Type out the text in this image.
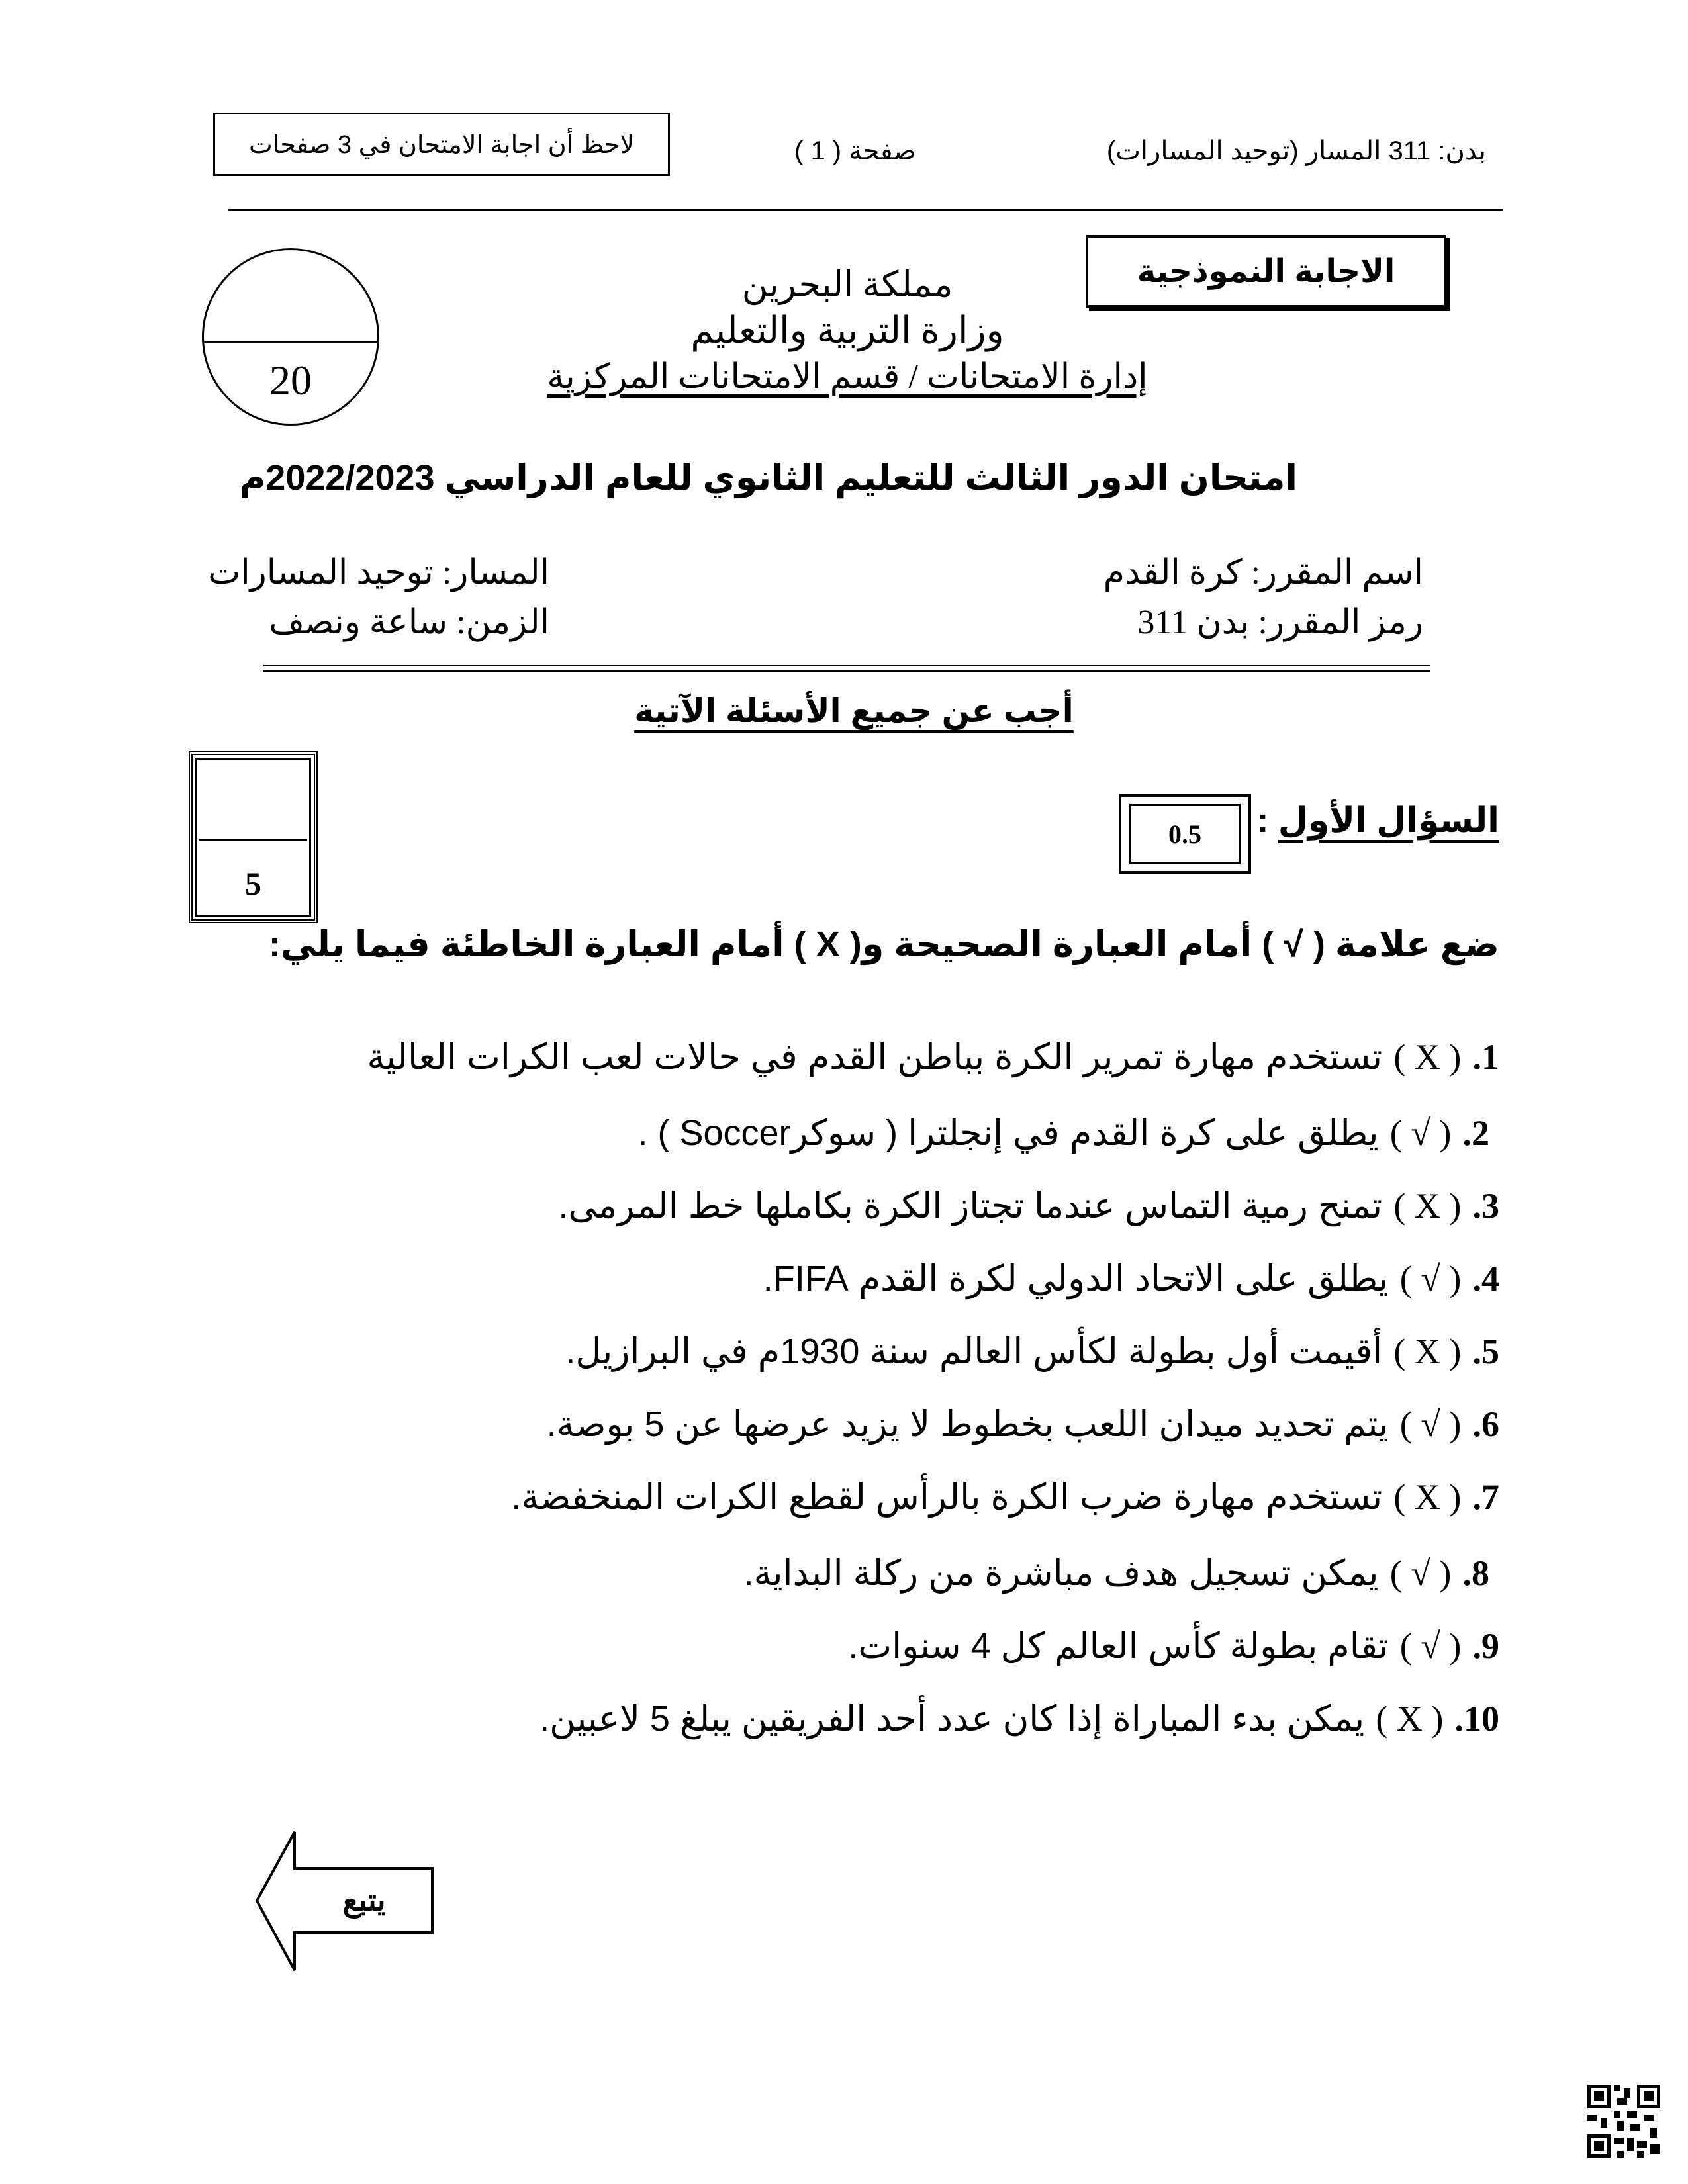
بدن: 311 المسار (توحيد المسارات)
صفحة ( 1 )
لاحظ أن اجابة الامتحان في 3 صفحات
الاجابة النموذجية
20
مملكة البحرين
وزارة التربية والتعليم
إدارة الامتحانات / قسم الامتحانات المركزية
امتحان الدور الثالث للتعليم الثانوي للعام الدراسي 2022/2023م
اسم المقرر: كرة القدم
رمز المقرر: بدن 311
المسار: توحيد المسارات
الزمن: ساعة ونصف
أجب عن جميع الأسئلة الآتية
5
السؤال الأول :
0.5
ضع علامة ( √ ) أمام العبارة الصحيحة و( X ) أمام العبارة الخاطئة فيما يلي:
1. ( X ) تستخدم مهارة تمرير الكرة بباطن القدم في حالات لعب الكرات العالية
2. ( √ ) يطلق على كرة القدم في إنجلترا ( سوكرSoccer ) .
3. ( X ) تمنح رمية التماس عندما تجتاز الكرة بكاملها خط المرمى.
4. ( √ ) يطلق على الاتحاد الدولي لكرة القدم FIFA.
5. ( X ) أقيمت أول بطولة لكأس العالم سنة 1930م في البرازيل.
6. ( √ ) يتم تحديد ميدان اللعب بخطوط لا يزيد عرضها عن 5 بوصة.
7. ( X ) تستخدم مهارة ضرب الكرة بالرأس لقطع الكرات المنخفضة.
8. ( √ ) يمكن تسجيل هدف مباشرة من ركلة البداية.
9. ( √ ) تقام بطولة كأس العالم كل 4 سنوات.
10. ( X ) يمكن بدء المباراة إذا كان عدد أحد الفريقين يبلغ 5 لاعبين.
يتبع
